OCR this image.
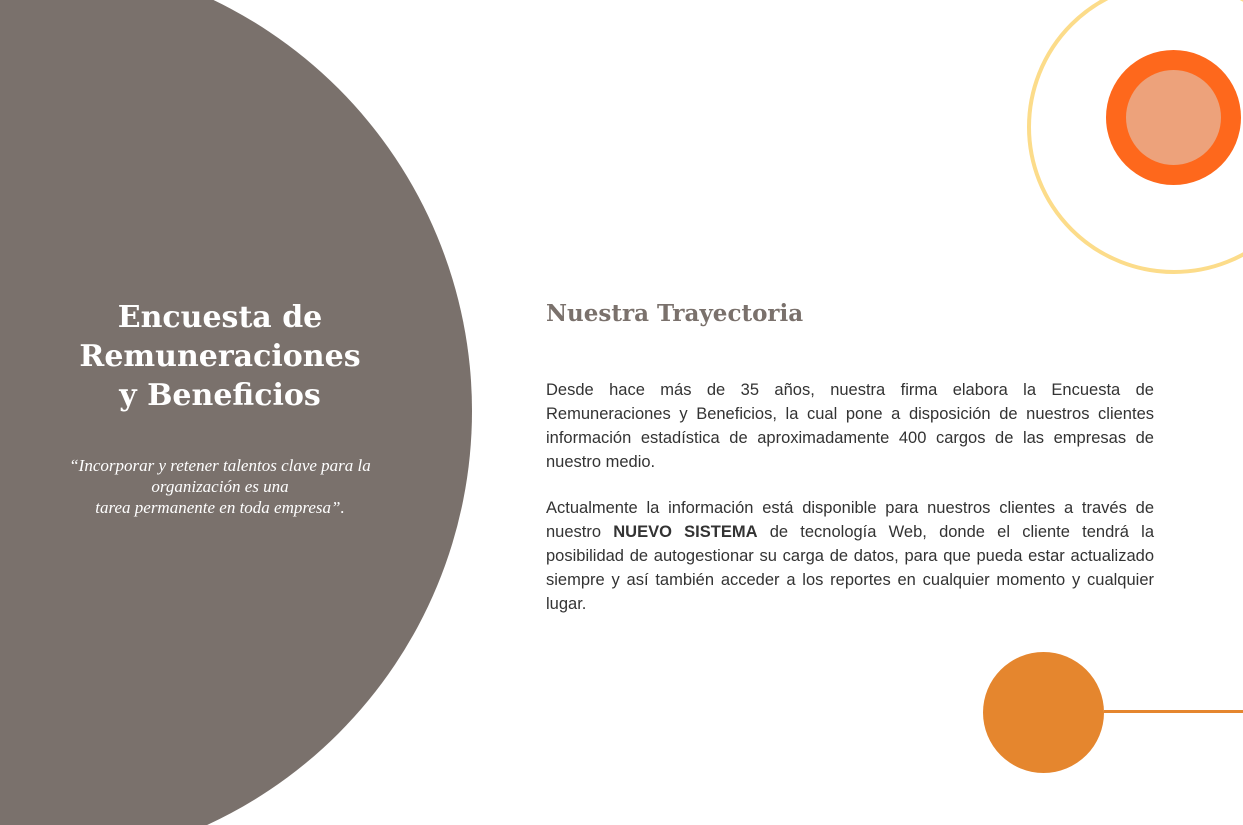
Encuesta de
Remuneraciones
y Beneficios

“Incorporar y retener talentos clave para la
organización es una
tarea permanente en toda empresa”.

Nuestra Trayectoria

Desde hace más de 35 años, nuestra firma elabora la Encuesta de Remuneraciones y Beneficios, la cual pone a disposición de nuestros clientes información estadística de aproximadamente 400 cargos de las empresas de nuestro medio.

Actualmente la información está disponible para nuestros clientes a través de nuestro NUEVO SISTEMA de tecnología Web, donde el cliente tendrá la posibilidad de autogestionar su carga de datos, para que pueda estar actualizado siempre y así también acceder a los reportes en cualquier momento y cualquier lugar.
